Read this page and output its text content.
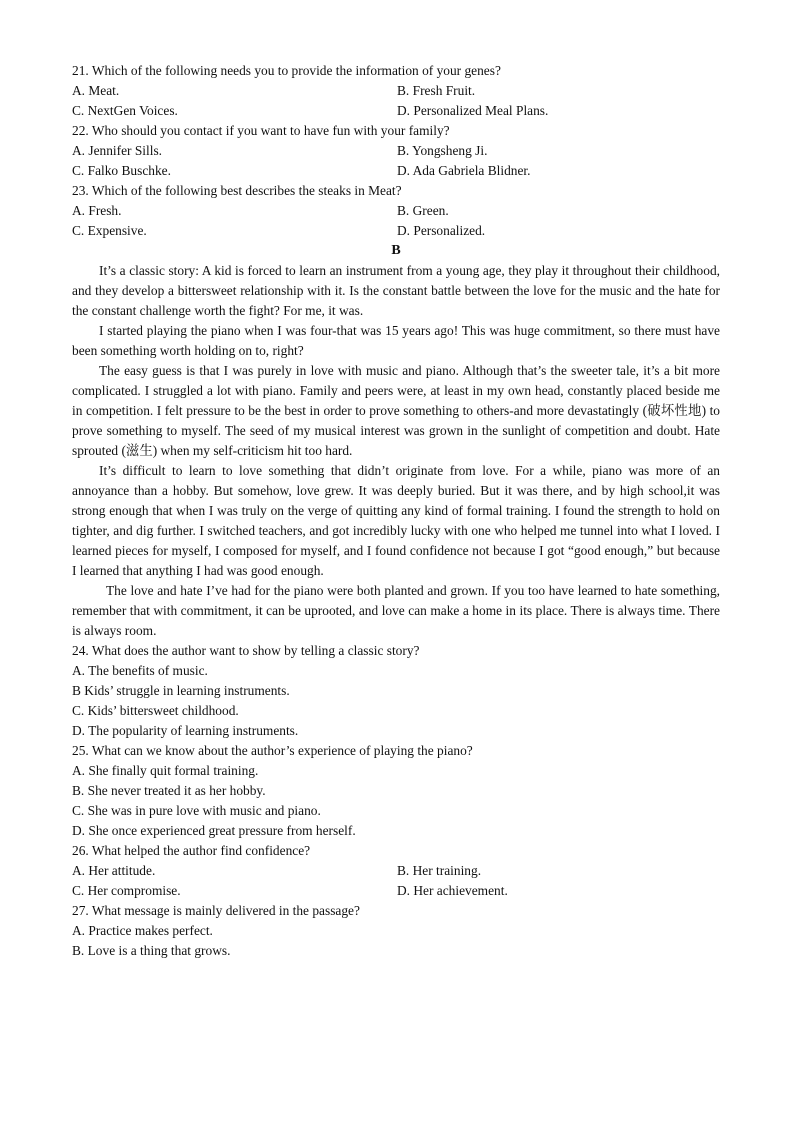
21. Which of the following needs you to provide the information of your genes?
A. Meat.	B. Fresh Fruit.
C. NextGen Voices.	D. Personalized Meal Plans.
22. Who should you contact if you want to have fun with your family?
A. Jennifer Sills.	B. Yongsheng Ji.
C. Falko Buschke.	D. Ada Gabriela Blidner.
23. Which of the following best describes the steaks in Meat?
A. Fresh.	B. Green.
C. Expensive.	D. Personalized.
B

It’s a classic story: A kid is forced to learn an instrument from a young age, they play it throughout their childhood, and they develop a bittersweet relationship with it. Is the constant battle between the love for the music and the hate for the constant challenge worth the fight? For me, it was.

I started playing the piano when I was four-that was 15 years ago! This was huge commitment, so there must have been something worth holding on to, right?

The easy guess is that I was purely in love with music and piano. Although that’s the sweeter tale, it’s a bit more complicated. I struggled a lot with piano. Family and peers were, at least in my own head, constantly placed beside me in competition. I felt pressure to be the best in order to prove something to others-and more devastatingly (破坏性地) to prove something to myself. The seed of my musical interest was grown in the sunlight of competition and doubt. Hate sprouted (滋生) when my self-criticism hit too hard.

It’s difficult to learn to love something that didn’t originate from love. For a while, piano was more of an annoyance than a hobby. But somehow, love grew. It was deeply buried. But it was there, and by high school,it was strong enough that when I was truly on the verge of quitting any kind of formal training. I found the strength to hold on tighter, and dig further. I switched teachers, and got incredibly lucky with one who helped me tunnel into what I loved. I learned pieces for myself, I composed for myself, and I found confidence not because I got “good enough,” but because I learned that anything I had was good enough.

The love and hate I’ve had for the piano were both planted and grown. If you too have learned to hate something, remember that with commitment, it can be uprooted, and love can make a home in its place. There is always time. There is always room.

24. What does the author want to show by telling a classic story?
A. The benefits of music.
B Kids’ struggle in learning instruments.
C. Kids’ bittersweet childhood.
D. The popularity of learning instruments.
25. What can we know about the author’s experience of playing the piano?
A. She finally quit formal training.
B. She never treated it as her hobby.
C. She was in pure love with music and piano.
D. She once experienced great pressure from herself.
26. What helped the author find confidence?
A. Her attitude.	B. Her training.
C. Her compromise.	D. Her achievement.
27. What message is mainly delivered in the passage?
A. Practice makes perfect.
B. Love is a thing that grows.
